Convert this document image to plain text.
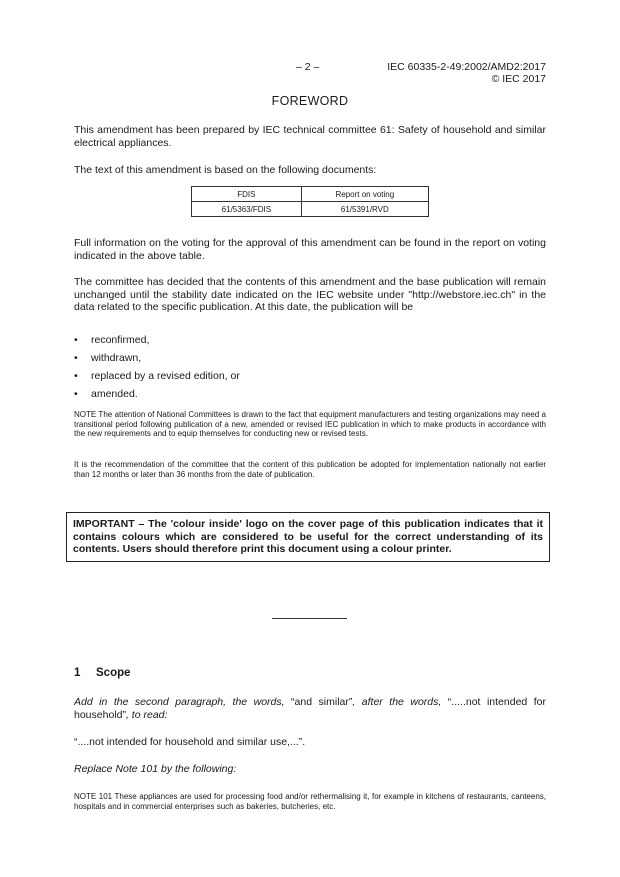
– 2 –	IEC 60335-2-49:2002/AMD2:2017
© IEC 2017
FOREWORD
This amendment has been prepared by IEC technical committee 61: Safety of household and similar electrical appliances.
The text of this amendment is based on the following documents:
FDIS	Report on voting
61/5363/FDIS	61/5391/RVD
Full information on the voting for the approval of this amendment can be found in the report on voting indicated in the above table.
The committee has decided that the contents of this amendment and the base publication will remain unchanged until the stability date indicated on the IEC website under "http://webstore.iec.ch" in the data related to the specific publication. At this date, the publication will be
• reconfirmed,
• withdrawn,
• replaced by a revised edition, or
• amended.
NOTE The attention of National Committees is drawn to the fact that equipment manufacturers and testing organizations may need a transitional period following publication of a new, amended or revised IEC publication in which to make products in accordance with the new requirements and to equip themselves for conducting new or revised tests.
It is the recommendation of the committee that the content of this publication be adopted for implementation nationally not earlier than 12 months or later than 36 months from the date of publication.
IMPORTANT – The 'colour inside' logo on the cover page of this publication indicates that it contains colours which are considered to be useful for the correct understanding of its contents. Users should therefore print this document using a colour printer.
1 Scope
Add in the second paragraph, the words, “and similar”, after the words, “.....not intended for household”, to read:
“....not intended for household and similar use,...”.
Replace Note 101 by the following:
NOTE 101 These appliances are used for processing food and/or rethermalising it, for example in kitchens of restaurants, canteens, hospitals and in commercial enterprises such as bakeries, butcheries, etc.
